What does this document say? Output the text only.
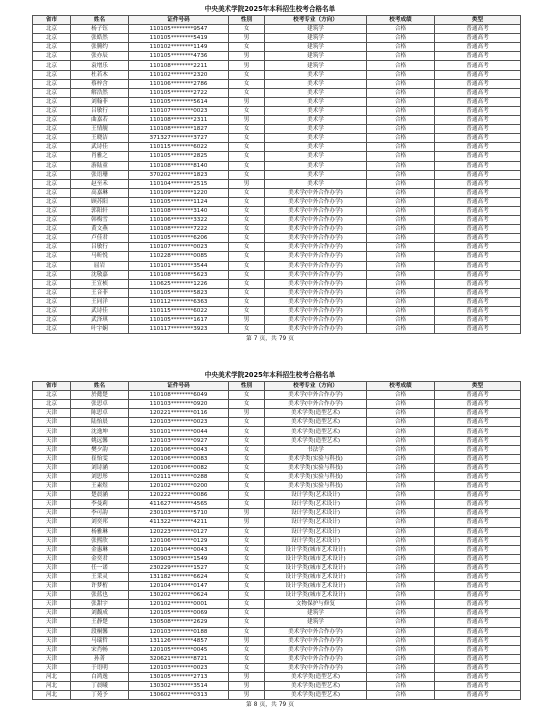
中央美术学院2025年本科招生校考合格名单
省市	姓名	证件号码	性别	校考专业（方向）	校考成绩	类型
北京	杨子钰	110105********9547	女	建筑学	合格	普通高考
北京	张皓然	110105********5419	男	建筑学	合格	普通高考
北京	张腾约	110102********1149	女	建筑学	合格	普通高考
北京	张亦辰	110105********4736	男	建筑学	合格	普通高考
北京	袁增乐	110108********2211	男	建筑学	合格	普通高考
北京	杜若木	110102********2320	女	美术学	合格	普通高考
北京	蔡梓含	110106********2786	女	美术学	合格	普通高考
北京	解浩然	110105********2722	女	美术学	合格	普通高考
北京	刘翰菲	110105********5614	男	美术学	合格	普通高考
北京	吕敏行	110107********0023	女	美术学	合格	普通高考
北京	曲嘉若	110108********2311	男	美术学	合格	普通高考
北京	王情舰	110108********1827	女	美术学	合格	普通高考
北京	王晓洁	371327********3727	女	美术学	合格	普通高考
北京	武诗佳	110115********6022	女	美术学	合格	普通高考
北京	肖雅之	110105********2825	女	美术学	合格	普通高考
北京	游陆童	110108********8140	女	美术学	合格	普通高考
北京	张语珊	370202********1823	女	美术学	合格	普通高考
北京	赵至禾	110104********2515	男	美术学	合格	普通高考
北京	高嘉琳	110109********1220	女	美术学(中外合作办学)	合格	普通高考
北京	顾苏阳	110105********1124	女	美术学(中外合作办学)	合格	普通高考
北京	郭阳轩	110108********3140	女	美术学(中外合作办学)	合格	普通高考
北京	韩梅雪	110106********3322	女	美术学(中外合作办学)	合格	普通高考
北京	黄文燕	110108********7222	女	美术学(中外合作办学)	合格	普通高考
北京	卢佳君	110105********6206	女	美术学(中外合作办学)	合格	普通高考
北京	吕敏行	110107********0023	女	美术学(中外合作办学)	合格	普通高考
北京	马昕悦	110228********0085	女	美术学(中外合作办学)	合格	普通高考
北京	屈岩	110101********3544	女	美术学(中外合作办学)	合格	普通高考
北京	沈敬嘉	110108********5623	女	美术学(中外合作办学)	合格	普通高考
北京	王宣桢	110625********1226	女	美术学(中外合作办学)	合格	普通高考
北京	王音菲	110105********5823	女	美术学(中外合作办学)	合格	普通高考
北京	王同洋	110112********6363	女	美术学(中外合作办学)	合格	普通高考
北京	武诗佳	110115********6022	女	美术学(中外合作办学)	合格	普通高考
北京	武泽琪	110105********1617	男	美术学(中外合作办学)	合格	普通高考
北京	叶宇娴	110117********3923	女	美术学(中外合作办学)	合格	普通高考
第 7 页，共 79 页
中央美术学院2025年本科招生校考合格名单
省市	姓名	证件号码	性别	校考专业（方向）	校考成绩	类型
北京	於懿楚	110108********6049	女	美术学(中外合作办学)	合格	普通高考
北京	张思卓	110103********0920	女	美术学(中外合作办学)	合格	普通高考
天津	陈思卓	120221********0116	男	美术学类(造型艺术)	合格	普通高考
天津	陆怡晨	120103********0023	女	美术学类(造型艺术)	合格	普通高考
天津	沈逸坤	310101********0044	女	美术学类(造型艺术)	合格	普通高考
天津	姚远馨	120103********0927	女	美术学类(造型艺术)	合格	普通高考
天津	樊夕韵	120106********0043	女	书法学	合格	普通高考
天津	崔怡雯	120106********0083	女	美术学类(实验与科技)	合格	普通高考
天津	刘诗涵	120106********0082	女	美术学类(实验与科技)	合格	普通高考
天津	刘思彤	120111********0288	女	美术学类(实验与科技)	合格	普通高考
天津	王素煜	120102********0200	女	美术学类(实验与科技)	合格	普通高考
天津	楚晨涵	120222********0086	女	设计学类(艺术设计)	合格	普通高考
天津	李曼莉	411627********4565	女	设计学类(艺术设计)	合格	普通高考
天津	李可韵	230103********5710	男	设计学类(艺术设计)	合格	普通高考
天津	刘奕邦	411322********4211	男	设计学类(艺术设计)	合格	普通高考
天津	杨雅琳	120223********0127	女	设计学类(艺术设计)	合格	普通高考
天津	张熙欣	120106********0129	女	设计学类(艺术设计)	合格	普通高考
天津	金惠琳	120104********0043	女	设计学类(城市艺术设计)	合格	普通高考
天津	金奕君	130903********1549	女	设计学类(城市艺术设计)	合格	普通高考
天津	任一诺	230229********1527	女	设计学类(城市艺术设计)	合格	普通高考
天津	王采灵	131182********6624	女	设计学类(城市艺术设计)	合格	普通高考
天津	许梦桁	120104********0147	女	设计学类(城市艺术设计)	合格	普通高考
天津	张蓝也	130202********0624	女	设计学类(城市艺术设计)	合格	普通高考
天津	张甜宇	120102********0001	女	文物保护与修复	合格	普通高考
天津	刘馥成	120105********0069	女	建筑学	合格	普通高考
天津	王静楚	130508********2629	女	建筑学	合格	普通高考
天津	段桐馨	120103********0188	女	美术学(中外合作办学)	合格	普通高考
天津	马瑞哲	131126********4857	男	美术学(中外合作办学)	合格	普通高考
天津	宋肖畅	120105********0045	女	美术学(中外合作办学)	合格	普通高考
天津	孙菁	320621********8721	女	美术学(中外合作办学)	合格	普通高考
天津	于语明	120103********0023	女	美术学(中外合作办学)	合格	普通高考
河北	白鸿逸	130105********2713	男	美术学类(造型艺术)	合格	普通高考
河北	丁晨曦	130302********3514	男	美术学类(造型艺术)	合格	普通高考
河北	丁苑予	130602********0313	男	美术学类(造型艺术)	合格	普通高考
第 8 页，共 79 页
